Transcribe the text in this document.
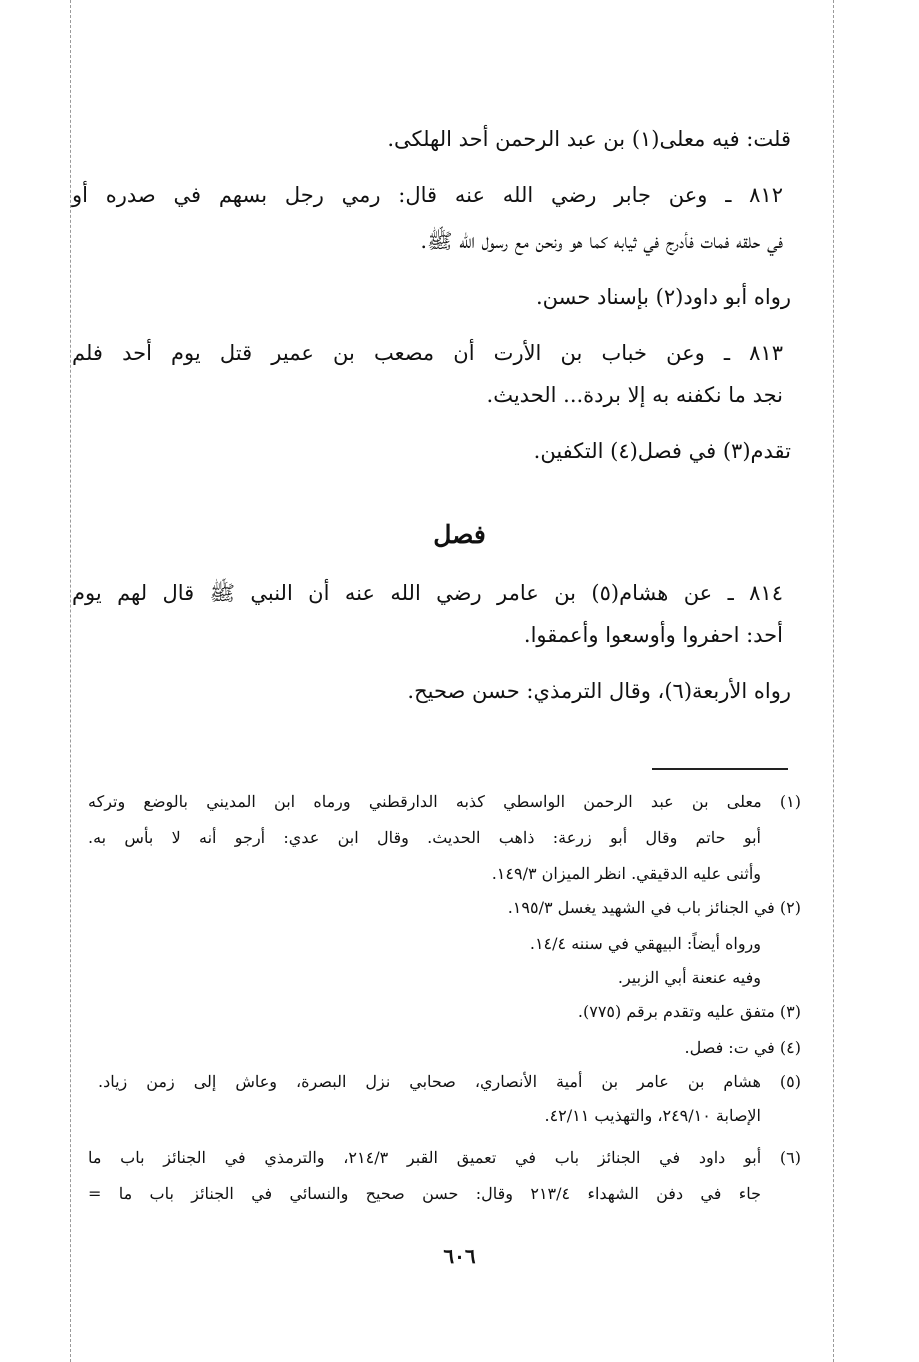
قلت: فيه معلى(١) بن عبد الرحمن أحد الهلكى.
٨١٢ ـ وعن جابر رضي الله عنه قال: رمي رجل بسهم في صدره أو
في حلقه فمات فأدرج في ثيابه كما هو ونحن مع رسول الله ﷺ.
رواه أبو داود(٢) بإسناد حسن.
٨١٣ ـ وعن خباب بن الأرت أن مصعب بن عمير قتل يوم أحد فلم
نجد ما نكفنه به إلا بردة... الحديث.
تقدم(٣) في فصل(٤) التكفين.
فصل
٨١٤ ـ عن هشام(٥) بن عامر رضي الله عنه أن النبي ﷺ قال لهم يوم
أحد: احفروا وأوسعوا وأعمقوا.
رواه الأربعة(٦)، وقال الترمذي: حسن صحيح.
(١) معلى بن عبد الرحمن الواسطي كذبه الدارقطني ورماه ابن المديني بالوضع وتركه
أبو حاتم وقال أبو زرعة: ذاهب الحديث. وقال ابن عدي: أرجو أنه لا بأس به.
وأثنى عليه الدقيقي. انظر الميزان ١٤٩/٣.
(٢) في الجنائز باب في الشهيد يغسل ١٩٥/٣.
ورواه أيضاً: البيهقي في سننه ١٤/٤.
وفيه عنعنة أبي الزبير.
(٣) متفق عليه وتقدم برقم (٧٧٥).
(٤) في ت: فصل.
(٥) هشام بن عامر بن أمية الأنصاري، صحابي نزل البصرة، وعاش إلى زمن زياد.
الإصابة ٢٤٩/١٠، والتهذيب ٤٢/١١.
(٦) أبو داود في الجنائز باب في تعميق القبر ٢١٤/٣، والترمذي في الجنائز باب ما
جاء في دفن الشهداء ٢١٣/٤ وقال: حسن صحيح والنسائي في الجنائز باب ما =
٦٠٦
